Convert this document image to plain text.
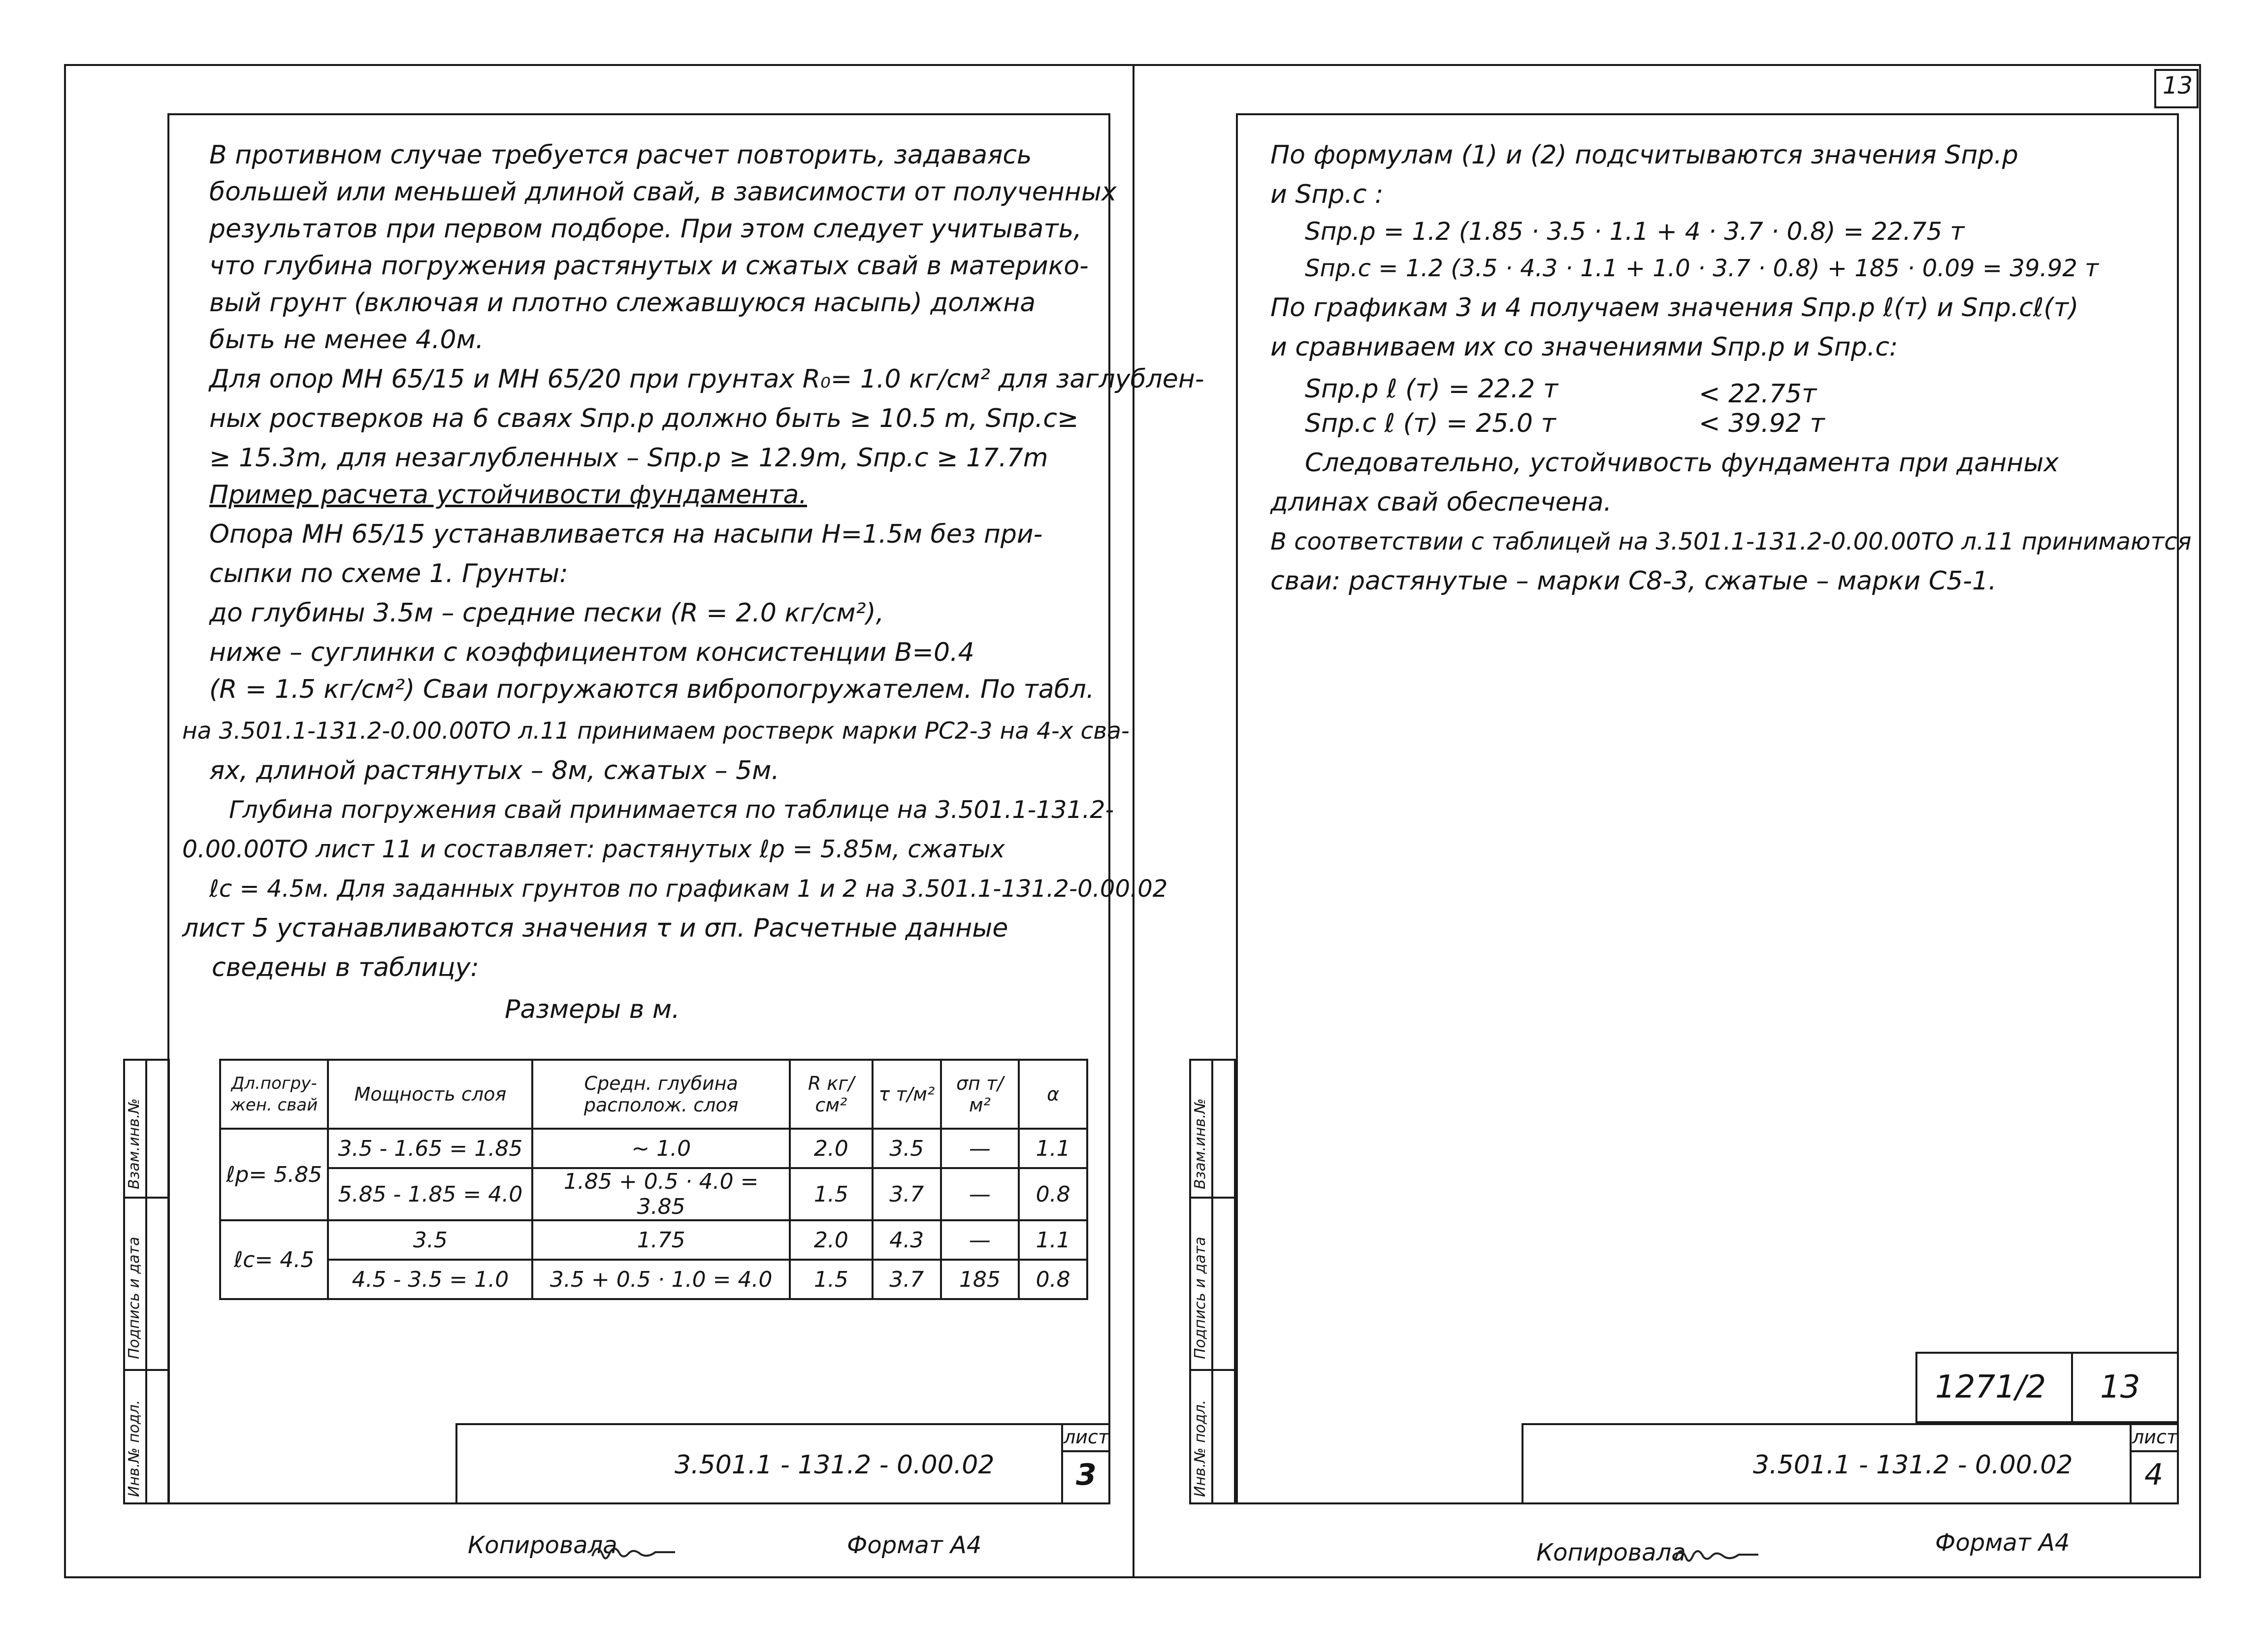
13
Инв.№ подл.
Подпись и дата
Взам.инв.№
В противном случае требуется расчет повторить, задаваясь
большей или меньшей длиной свай, в зависимости от полученных
результатов при первом подборе. При этом следует учитывать,
что глубина погружения растянутых и сжатых свай в материко-
вый грунт (включая и плотно слежавшуюся насыпь) должна
быть не менее 4.0м.
Для опор МН 65/15 и МН 65/20 при грунтах R₀= 1.0 кг/см² для заглублен-
ных ростверков на 6 сваях Sпр.р должно быть ≥ 10.5 m, Sпр.с≥
≥ 15.3m, для незаглубленных – Sпр.р ≥ 12.9m, Sпр.с ≥ 17.7m
Пример расчета устойчивости фундамента.
Опора МН 65/15 устанавливается на насыпи Н=1.5м без при-
сыпки по схеме 1. Грунты:
до глубины 3.5м – средние пески (R = 2.0 кг/см²),
ниже – суглинки с коэффициентом консистенции В=0.4
(R = 1.5 кг/см²) Сваи погружаются вибропогружателем. По табл.
на 3.501.1-131.2-0.00.00ТО л.11 принимаем ростверк марки РС2-3 на 4-х сва-
ях, длиной растянутых – 8м, сжатых – 5м.
Глубина погружения свай принимается по таблице на 3.501.1-131.2-
0.00.00ТО лист 11 и составляет: растянутых ℓр = 5.85м, сжатых
ℓс = 4.5м. Для заданных грунтов по графикам 1 и 2 на 3.501.1-131.2-0.00.02
лист 5 устанавливаются значения τ и σп. Расчетные данные
сведены в таблицу:
Размеры в м.
Дл.погру-жен. свай	Мощность слоя	Средн. глубина располож. слоя	R кг/см²	τ т/м²	σп т/м²	α
ℓр= 5.85	3.5 - 1.65 = 1.85	~ 1.0	2.0	3.5	—	1.1
	5.85 - 1.85 = 4.0	1.85 + 0.5 · 4.0 = 3.85	1.5	3.7	—	0.8
ℓс= 4.5	3.5	1.75	2.0	4.3	—	1.1
	4.5 - 3.5 = 1.0	3.5 + 0.5 · 1.0 = 4.0	1.5	3.7	185	0.8
3.501.1 - 131.2 - 0.00.02
лист
3
Копировала	Формат А4
Инв.№ подл.
Подпись и дата
Взам.инв.№
По формулам (1) и (2) подсчитываются значения Sпр.р
и Sпр.с :
Sпр.р = 1.2 (1.85 · 3.5 · 1.1 + 4 · 3.7 · 0.8) = 22.75 т
Sпр.с = 1.2 (3.5 · 4.3 · 1.1 + 1.0 · 3.7 · 0.8) + 185 · 0.09 = 39.92 т
По графикам 3 и 4 получаем значения Sпр.р ℓ(т) и Sпр.сℓ(т)
и сравниваем их со значениями Sпр.р и Sпр.с:
Sпр.р ℓ (т) = 22.2 т	< 22.75т
Sпр.с ℓ (т) = 25.0 т	< 39.92 т
Следовательно, устойчивость фундамента при данных
длинах свай обеспечена.
В соответствии с таблицей на 3.501.1-131.2-0.00.00ТО л.11 принимаются
сваи: растянутые – марки С8-3, сжатые – марки С5-1.
1271/2 13
3.501.1 - 131.2 - 0.00.02
лист
4
Копировала	Формат А4
